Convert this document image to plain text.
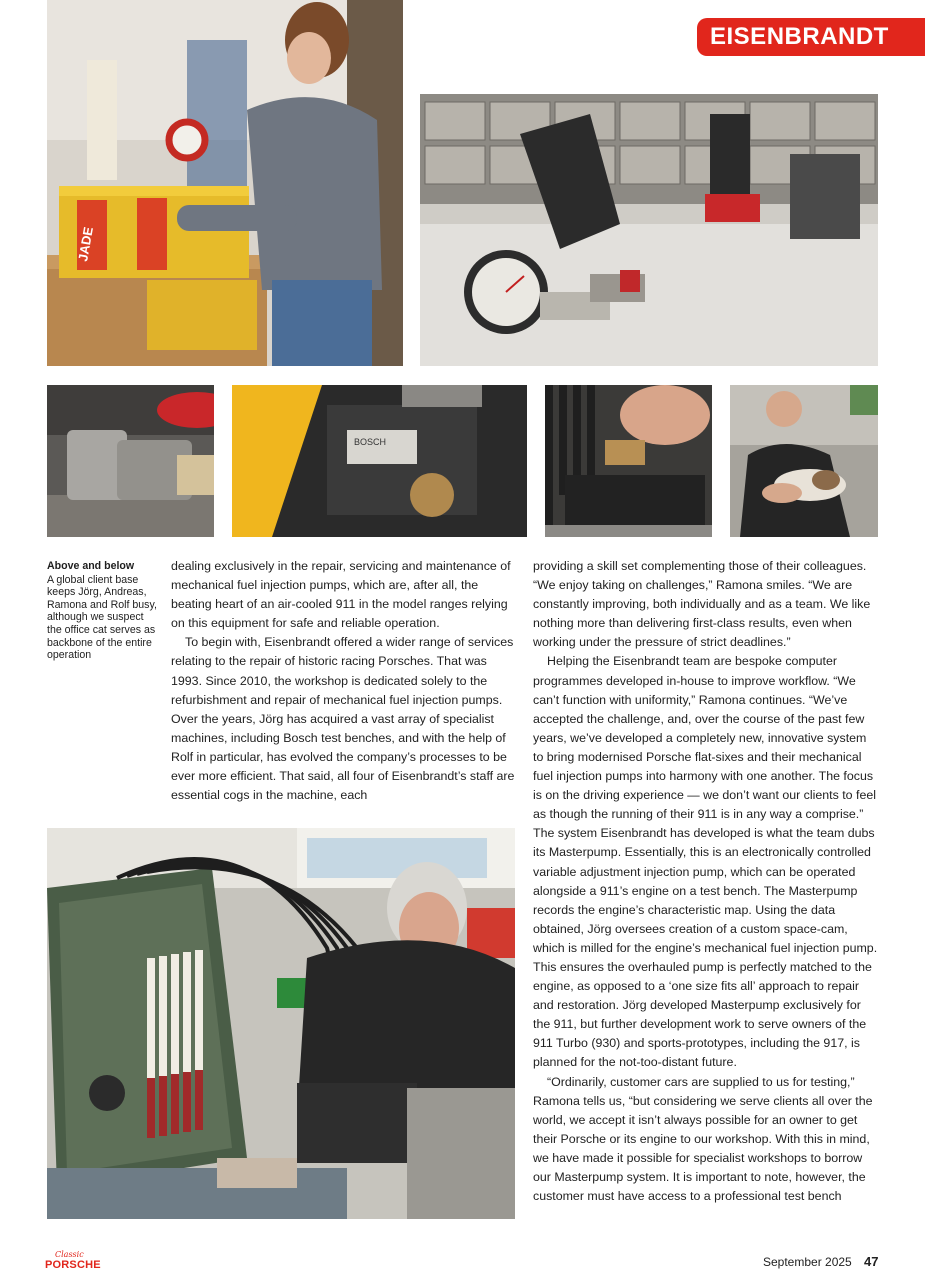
EISENBRANDT
JADE
BOSCH
Above and below
A global client base keeps Jörg, Andreas, Ramona and Rolf busy, although we suspect the office cat serves as backbone of the entire operation

dealing exclusively in the repair, servicing and maintenance of mechanical fuel injection pumps, which are, after all, the beating heart of an air-cooled 911 in the model ranges relying on this equipment for safe and reliable operation.

To begin with, Eisenbrandt offered a wider range of services relating to the repair of historic racing Porsches. That was 1993. Since 2010, the workshop is dedicated solely to the refurbishment and repair of mechanical fuel injection pumps. Over the years, Jörg has acquired a vast array of specialist machines, including Bosch test benches, and with the help of Rolf in particular, has evolved the company’s processes to be ever more efficient. That said, all four of Eisenbrandt’s staff are essential cogs in the machine, each

providing a skill set complementing those of their colleagues. “We enjoy taking on challenges,” Ramona smiles. “We are constantly improving, both individually and as a team. We like nothing more than delivering first-class results, even when working under the pressure of strict deadlines.”

Helping the Eisenbrandt team are bespoke computer programmes developed in-house to improve workflow. “We can’t function with uniformity,” Ramona continues. “We’ve accepted the challenge, and, over the course of the past few years, we’ve developed a completely new, innovative system to bring modernised Porsche flat-sixes and their mechanical fuel injection pumps into harmony with one another. The focus is on the driving experience — we don’t want our clients to feel as though the running of their 911 is in any way a comprise.” The system Eisenbrandt has developed is what the team dubs its Masterpump. Essentially, this is an electronically controlled variable adjustment injection pump, which can be operated alongside a 911’s engine on a test bench. The Masterpump records the engine’s characteristic map. Using the data obtained, Jörg oversees creation of a custom space-cam, which is milled for the engine’s mechanical fuel injection pump. This ensures the overhauled pump is perfectly matched to the engine, as opposed to a ‘one size fits all’ approach to repair and restoration. Jörg developed Masterpump exclusively for the 911, but further development work to serve owners of the 911 Turbo (930) and sports-prototypes, including the 917, is planned for the not-too-distant future.

“Ordinarily, customer cars are supplied to us for testing,” Ramona tells us, “but considering we serve clients all over the world, we accept it isn’t always possible for an owner to get their Porsche or its engine to our workshop. With this in mind, we have made it possible for specialist workshops to borrow our Masterpump system. It is important to note, however, the customer must have access to a professional test bench

Classic
PORSCHE	September 2025 47
